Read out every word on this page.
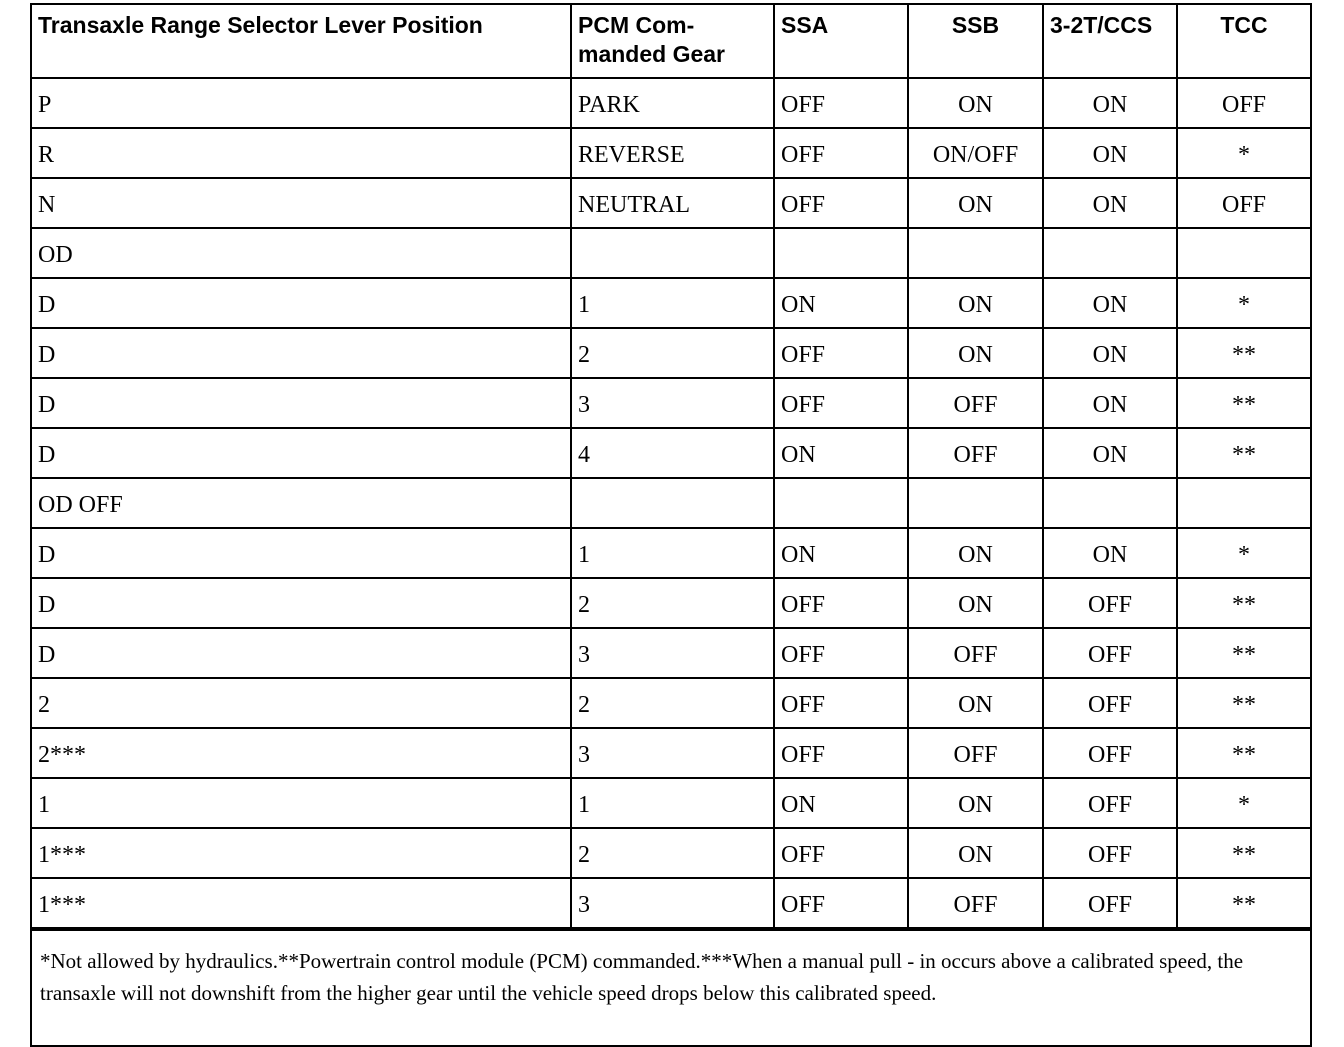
Transaxle Range Selector Lever Position	PCM Com-manded Gear	SSA	SSB	3-2T/CCS	TCC
P	PARK	OFF	ON	ON	OFF
R	REVERSE	OFF	ON/OFF	ON	*
N	NEUTRAL	OFF	ON	ON	OFF
OD					
D	1	ON	ON	ON	*
D	2	OFF	ON	ON	**
D	3	OFF	OFF	ON	**
D	4	ON	OFF	ON	**
OD OFF					
D	1	ON	ON	ON	*
D	2	OFF	ON	OFF	**
D	3	OFF	OFF	OFF	**
2	2	OFF	ON	OFF	**
2***	3	OFF	OFF	OFF	**
1	1	ON	ON	OFF	*
1***	2	OFF	ON	OFF	**
1***	3	OFF	OFF	OFF	**
*Not allowed by hydraulics.**Powertrain control module (PCM) commanded.***When a manual pull - in occurs above a calibrated speed, the transaxle will not downshift from the higher gear until the vehicle speed drops below this calibrated speed.
